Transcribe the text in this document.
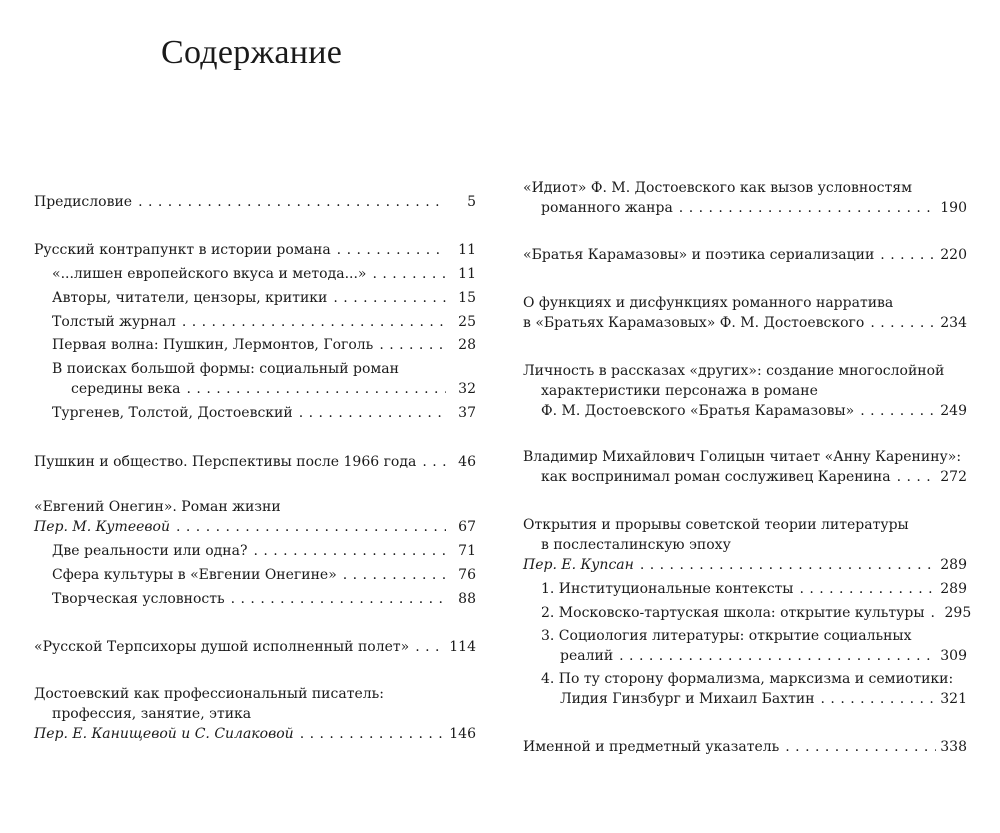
Содержание
Предисловие . . .	5
Русский контрапункт в истории романа . . .	11
«...лишен европейского вкуса и метода...» . . .	11
Авторы, читатели, цензоры, критики . . .	15
Толстый журнал . . .	25
Первая волна: Пушкин, Лермонтов, Гоголь . . .	28
В поисках большой формы: социальный роман
середины века . . .	32
Тургенев, Толстой, Достоевский . . .	37
Пушкин и общество. Перспективы после 1966 года . . .	46
«Евгений Онегин». Роман жизни
Пер. М. Кутеевой . . .	67
Две реальности или одна? . . .	71
Сфера культуры в «Евгении Онегине» . . .	76
Творческая условность . . .	88
«Русской Терпсихоры душой исполненный полет» . . .	114
Достоевский как профессиональный писатель:
профессия, занятие, этика
Пер. Е. Канищевой и С. Силаковой . . .	146
«Идиот» Ф. М. Достоевского как вызов условностям
романного жанра . . .	190
«Братья Карамазовы» и поэтика сериализации . . .	220
О функциях и дисфункциях романного нарратива
в «Братьях Карамазовых» Ф. М. Достоевского . . .	234
Личность в рассказах «других»: создание многослойной
характеристики персонажа в романе
Ф. М. Достоевского «Братья Карамазовы» . . .	249
Владимир Михайлович Голицын читает «Анну Каренину»:
как воспринимал роман сослуживец Каренина . . .	272
Открытия и прорывы советской теории литературы
в послесталинскую эпоху
Пер. Е. Купсан . . .	289
1. Институциональные контексты . . .	289
2. Московско-тартуская школа: открытие культуры . . . 295
3. Социология литературы: открытие социальных
реалий . . .	309
4. По ту сторону формализма, марксизма и семиотики:
Лидия Гинзбург и Михаил Бахтин . . .	321
Именной и предметный указатель . . .	338
